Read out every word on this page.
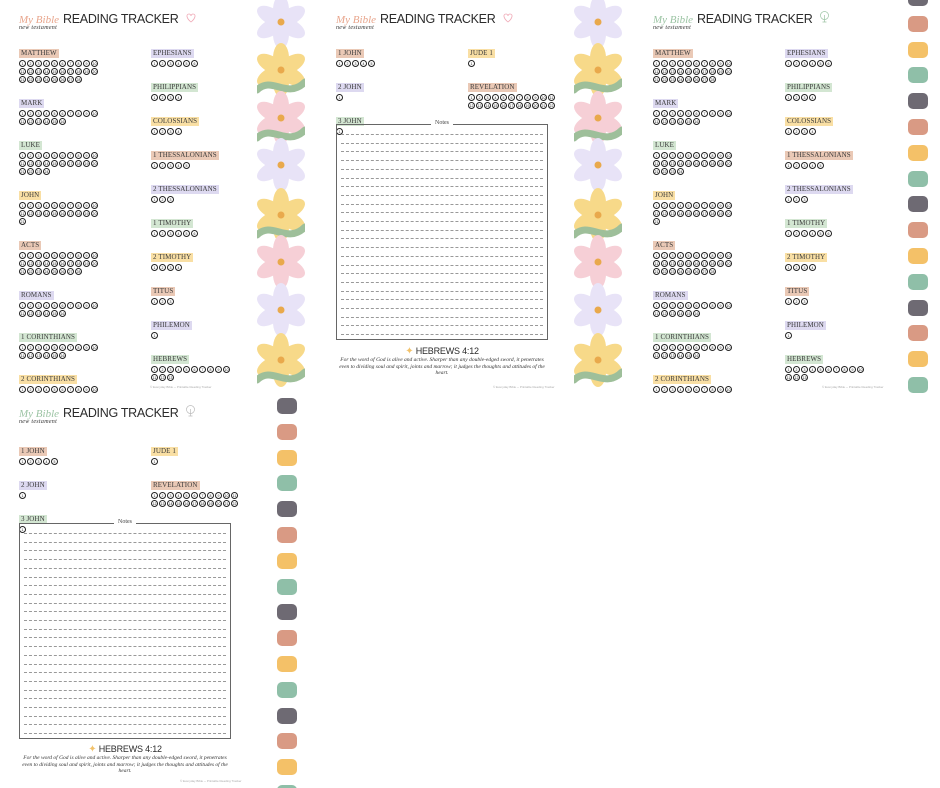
My Bible READING TRACKER
new testament
MATTHEW
1	2	3	4	5	6	7	8	9	10
11	12	13	14	15	16	17	18	19	20
21	22	23	24	25	26	27	28
MARK
1	2	3	4	5	6	7	8	9	10
11	12	13	14	15	16
LUKE
1	2	3	4	5	6	7	8	9	10
11	12	13	14	15	16	17	18	19	20
21	22	23	24
JOHN
1	2	3	4	5	6	7	8	9	10
11	12	13	14	15	16	17	18	19	20
21
ACTS
1	2	3	4	5	6	7	8	9	10
11	12	13	14	15	16	17	18	19	20
21	22	23	24	25	26	27	28
ROMANS
1	2	3	4	5	6	7	8	9	10
11	12	13	14	15	16
1 CORINTHIANS
1	2	3	4	5	6	7	8	9	10
11	12	13	14	15	16
2 CORINTHIANS
1	2	3	4	5	6	7	8	9	10
EPHESIANS
1	2	3	4	5	6
PHILIPPIANS
1	2	3	4
COLOSSIANS
1	2	3	4
1 THESSALONIANS
1	2	3	4	5
2 THESSALONIANS
1	2	3
1 TIMOTHY
1	2	3	4	5	6
2 TIMOTHY
1	2	3	4
TITUS
1	2	3
PHILEMON
1
HEBREWS
1	2	3	4	5	6	7	8	9	10
11	12	13
© Everyday Bible ─ Printable Reading Tracker
My Bible READING TRACKER
new testament
1 JOHN
1	2	3	4	5
2 JOHN
1
3 JOHN
1
JUDE 1
1
REVELATION
1	2	3	4	5	6	7	8	9	10	11
12	13	14	15	16	17	18	19	20	21	22
Notes
✦ HEBREWS 4:12
For the word of God is alive and active. Sharper than any double-edged sword, it penetrates even to dividing soul and spirit, joints and marrow; it judges the thoughts and attitudes of the heart.
© Everyday Bible ─ Printable Reading Tracker
My Bible READING TRACKER
new testament
MATTHEW
1	2	3	4	5	6	7	8	9	10
11	12	13	14	15	16	17	18	19	20
21	22	23	24	25	26	27	28
MARK
1	2	3	4	5	6	7	8	9	10
11	12	13	14	15	16
LUKE
1	2	3	4	5	6	7	8	9	10
11	12	13	14	15	16	17	18	19	20
21	22	23	24
JOHN
1	2	3	4	5	6	7	8	9	10
11	12	13	14	15	16	17	18	19	20
21
ACTS
1	2	3	4	5	6	7	8	9	10
11	12	13	14	15	16	17	18	19	20
21	22	23	24	25	26	27	28
ROMANS
1	2	3	4	5	6	7	8	9	10
11	12	13	14	15	16
1 CORINTHIANS
1	2	3	4	5	6	7	8	9	10
11	12	13	14	15	16
2 CORINTHIANS
1	2	3	4	5	6	7	8	9	10
EPHESIANS
1	2	3	4	5	6
PHILIPPIANS
1	2	3	4
COLOSSIANS
1	2	3	4
1 THESSALONIANS
1	2	3	4	5
2 THESSALONIANS
1	2	3
1 TIMOTHY
1	2	3	4	5	6
2 TIMOTHY
1	2	3	4
TITUS
1	2	3
PHILEMON
1
HEBREWS
1	2	3	4	5	6	7	8	9	10
11	12	13
© Everyday Bible ─ Printable Reading Tracker
My Bible READING TRACKER
new testament
1 JOHN
1	2	3	4	5
2 JOHN
1
3 JOHN
1
JUDE 1
1
REVELATION
1	2	3	4	5	6	7	8	9	10	11
12	13	14	15	16	17	18	19	20	21	22
Notes
✦ HEBREWS 4:12
For the word of God is alive and active. Sharper than any double-edged sword, it penetrates even to dividing soul and spirit, joints and marrow; it judges the thoughts and attitudes of the heart.
© Everyday Bible ─ Printable Reading Tracker
